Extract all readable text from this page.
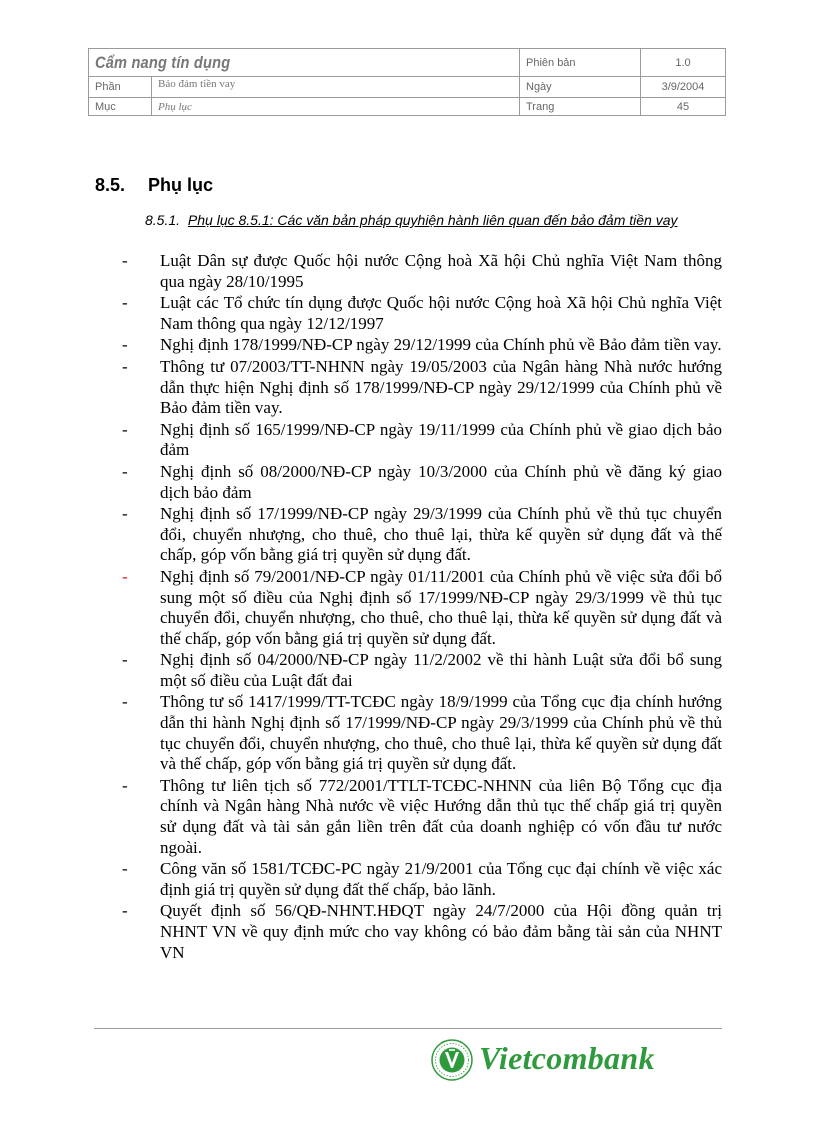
Cẩm nang tín dụng		Phiên bản	1.0
Phần	Bảo đảm tiền vay	Ngày	3/9/2004
Mục	Phụ lục	Trang	45
8.5. Phụ lục
8.5.1. Phụ lục 8.5.1: Các văn bản pháp quyhiện hành liên quan đến bảo đảm tiền vay
- Luật Dân sự được Quốc hội nước Cộng hoà Xã hội Chủ nghĩa Việt Nam thông qua ngày 28/10/1995
- Luật các Tổ chức tín dụng được Quốc hội nước Cộng hoà Xã hội Chủ nghĩa Việt Nam thông qua ngày 12/12/1997
- Nghị định 178/1999/NĐ-CP ngày 29/12/1999 của Chính phủ về Bảo đảm tiền vay.
- Thông tư 07/2003/TT-NHNN ngày 19/05/2003 của Ngân hàng Nhà nước hướng dẫn thực hiện Nghị định số 178/1999/NĐ-CP ngày 29/12/1999 của Chính phủ về Bảo đảm tiền vay.
- Nghị định số 165/1999/NĐ-CP ngày 19/11/1999 của Chính phủ về giao dịch bảo đảm
- Nghị định số 08/2000/NĐ-CP ngày 10/3/2000 của Chính phủ về đăng ký giao dịch bảo đảm
- Nghị định số 17/1999/NĐ-CP ngày 29/3/1999 của Chính phủ về thủ tục chuyển đổi, chuyển nhượng, cho thuê, cho thuê lại, thừa kế quyền sử dụng đất và thế chấp, góp vốn bằng giá trị quyền sử dụng đất.
- Nghị định số 79/2001/NĐ-CP ngày 01/11/2001 của Chính phủ về việc sửa đổi bổ sung một số điều của Nghị định số 17/1999/NĐ-CP ngày 29/3/1999 về thủ tục chuyển đổi, chuyển nhượng, cho thuê, cho thuê lại, thừa kế quyền sử dụng đất và thế chấp, góp vốn bằng giá trị quyền sử dụng đất.
- Nghị định số 04/2000/NĐ-CP ngày 11/2/2002 về thi hành Luật sửa đổi bổ sung một số điều của Luật đất đai
- Thông tư số 1417/1999/TT-TCĐC ngày 18/9/1999 của Tổng cục địa chính hướng dẫn thi hành Nghị định số 17/1999/NĐ-CP ngày 29/3/1999 của Chính phủ về thủ tục chuyển đổi, chuyển nhượng, cho thuê, cho thuê lại, thừa kế quyền sử dụng đất và thế chấp, góp vốn bằng giá trị quyền sử dụng đất.
- Thông tư liên tịch số 772/2001/TTLT-TCĐC-NHNN của liên Bộ Tổng cục địa chính và Ngân hàng Nhà nước về việc Hướng dẫn thủ tục thế chấp giá trị quyền sử dụng đất và tài sản gắn liền trên đất của doanh nghiệp có vốn đầu tư nước ngoài.
- Công văn số 1581/TCĐC-PC ngày 21/9/2001 của Tổng cục đại chính về việc xác định giá trị quyền sử dụng đất thế chấp, bảo lãnh.
- Quyết định số 56/QĐ-NHNT.HĐQT ngày 24/7/2000 của Hội đồng quản trị NHNT VN về quy định mức cho vay không có bảo đảm bằng tài sản của NHNT VN
Vietcombank
